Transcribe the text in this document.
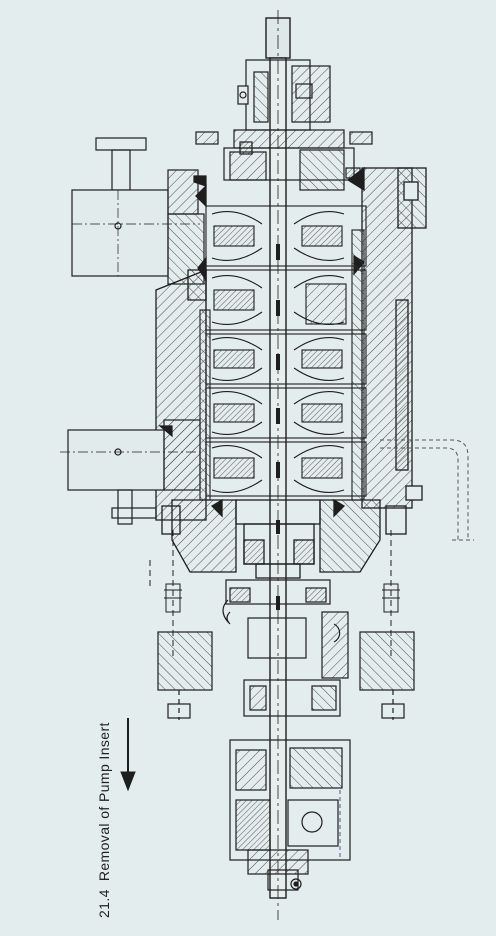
21.4Removal of Pump Insert
